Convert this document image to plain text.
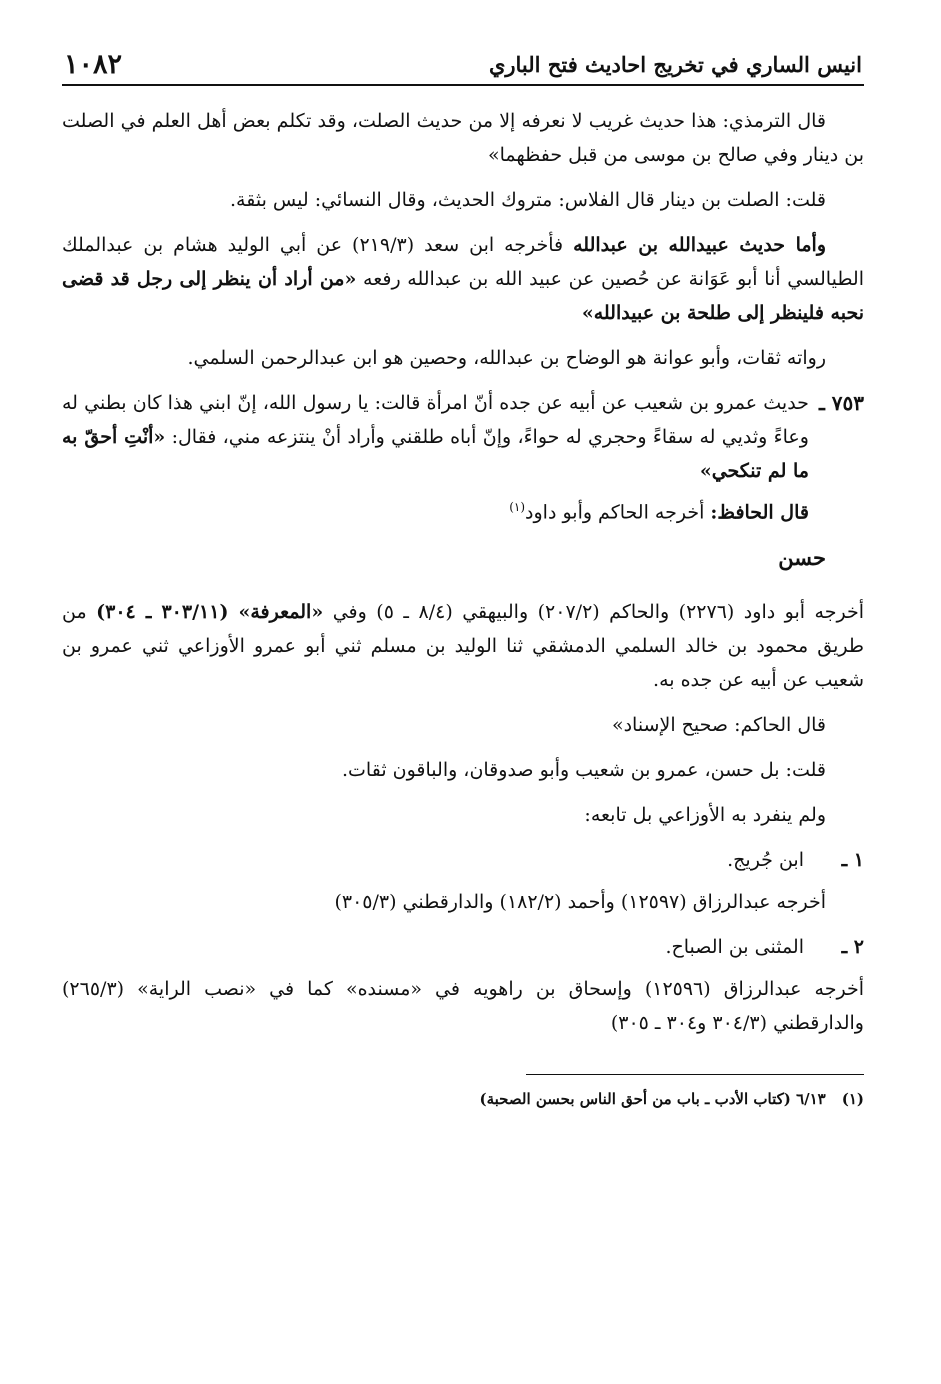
انيس الساري في تخريج احاديث فتح الباري
١٠٨٢

قال الترمذي: هذا حديث غريب لا نعرفه إلا من حديث الصلت، وقد تكلم بعض أهل العلم في الصلت بن دينار وفي صالح بن موسى من قبل حفظهما»

قلت: الصلت بن دينار قال الفلاس: متروك الحديث، وقال النسائي: ليس بثقة.

وأما حديث عبيدالله بن عبدالله فأخرجه ابن سعد (٢١٩/٣) عن أبي الوليد هشام بن عبدالملك الطيالسي أنا أبو عَوَانة عن حُصين عن عبيد الله بن عبدالله رفعه «من أراد أن ينظر إلى رجل قد قضى نحبه فلينظر إلى طلحة بن عبيدالله»

رواته ثقات، وأبو عوانة هو الوضاح بن عبدالله، وحصين هو ابن عبدالرحمن السلمي.

٧٥٣ ـ
حديث عمرو بن شعيب عن أبيه عن جده أنّ امرأة قالت: يا رسول الله، إنّ ابني هذا كان بطني له وعاءً وثديي له سقاءً وحجري له حواءً، وإنّ أباه طلقني وأراد أنْ ينتزعه مني، فقال: «أنْتِ أحقّ به ما لم تنكحي»
قال الحافظ: أخرجه الحاكم وأبو داود$^{(١)}$
حسن

أخرجه أبو داود (٢٢٧٦) والحاكم (٢٠٧/٢) والبيهقي (٨/٤ ـ ٥) وفي «المعرفة» (٣٠٣/١١ ـ ٣٠٤) من طريق محمود بن خالد السلمي الدمشقي ثنا الوليد بن مسلم ثني أبو عمرو الأوزاعي ثني عمرو بن شعيب عن أبيه عن جده به.

قال الحاكم: صحيح الإسناد»

قلت: بل حسن، عمرو بن شعيب وأبو صدوقان، والباقون ثقات.

ولم ينفرد به الأوزاعي بل تابعه:

١ ـ
ابن جُريج.

أخرجه عبدالرزاق (١٢٥٩٧) وأحمد (١٨٢/٢) والدارقطني (٣٠٥/٣)

٢ ـ
المثنى بن الصباح.

أخرجه عبدالرزاق (١٢٥٩٦) وإسحاق بن راهويه في «مسنده» كما في «نصب الراية» (٢٦٥/٣) والدارقطني (٣٠٤/٣ و٣٠٤ ـ ٣٠٥)

(١)٦/١٣ (كتاب الأدب ـ باب من أحق الناس بحسن الصحبة)
